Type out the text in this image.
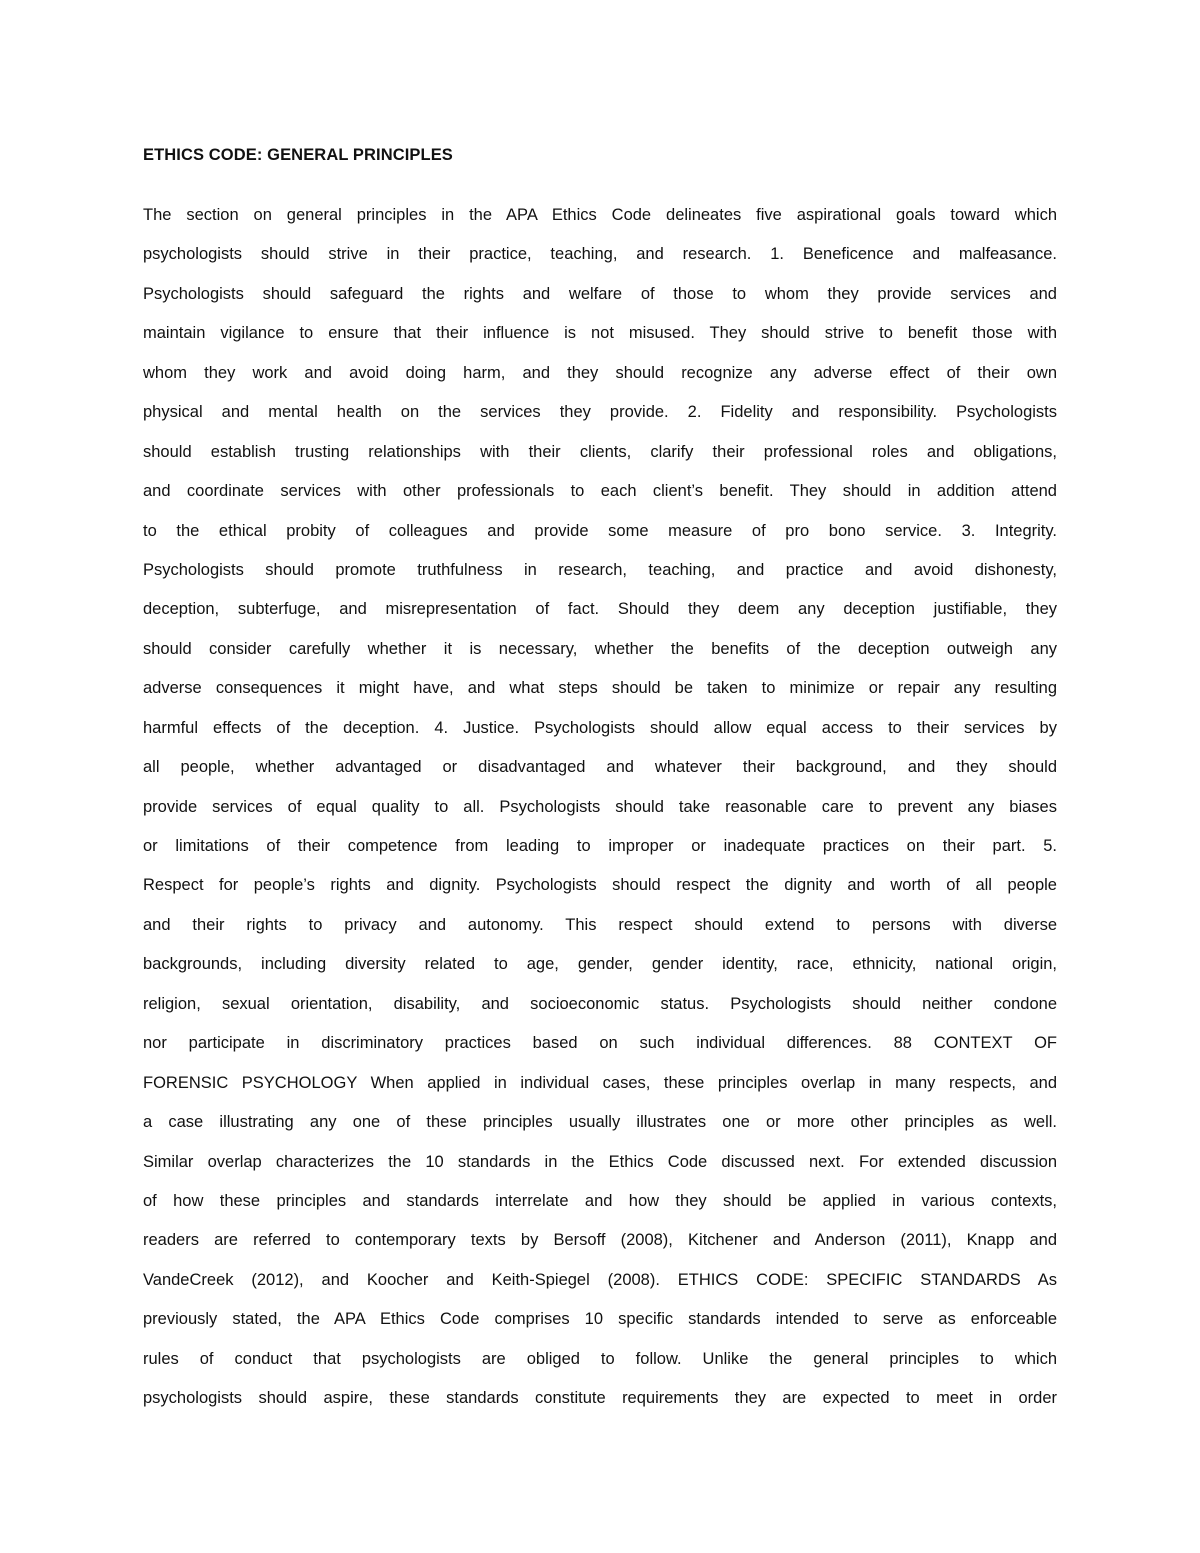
ETHICS CODE: GENERAL PRINCIPLES
The section on general principles in the APA Ethics Code delineates five aspirational goals toward which
psychologists should strive in their practice, teaching, and research. 1. Beneficence and malfeasance.
Psychologists should safeguard the rights and welfare of those to whom they provide services and
maintain vigilance to ensure that their influence is not misused. They should strive to benefit those with
whom they work and avoid doing harm, and they should recognize any adverse effect of their own
physical and mental health on the services they provide. 2. Fidelity and responsibility. Psychologists
should establish trusting relationships with their clients, clarify their professional roles and obligations,
and coordinate services with other professionals to each client’s benefit. They should in addition attend
to the ethical probity of colleagues and provide some measure of pro bono service. 3. Integrity.
Psychologists should promote truthfulness in research, teaching, and practice and avoid dishonesty,
deception, subterfuge, and misrepresentation of fact. Should they deem any deception justifiable, they
should consider carefully whether it is necessary, whether the benefits of the deception outweigh any
adverse consequences it might have, and what steps should be taken to minimize or repair any resulting
harmful effects of the deception. 4. Justice. Psychologists should allow equal access to their services by
all people, whether advantaged or disadvantaged and whatever their background, and they should
provide services of equal quality to all. Psychologists should take reasonable care to prevent any biases
or limitations of their competence from leading to improper or inadequate practices on their part. 5.
Respect for people’s rights and dignity. Psychologists should respect the dignity and worth of all people
and their rights to privacy and autonomy. This respect should extend to persons with diverse
backgrounds, including diversity related to age, gender, gender identity, race, ethnicity, national origin,
religion, sexual orientation, disability, and socioeconomic status. Psychologists should neither condone
nor participate in discriminatory practices based on such individual differences. 88 CONTEXT OF
FORENSIC PSYCHOLOGY When applied in individual cases, these principles overlap in many respects, and
a case illustrating any one of these principles usually illustrates one or more other principles as well.
Similar overlap characterizes the 10 standards in the Ethics Code discussed next. For extended discussion
of how these principles and standards interrelate and how they should be applied in various contexts,
readers are referred to contemporary texts by Bersoff (2008), Kitchener and Anderson (2011), Knapp and
VandeCreek (2012), and Koocher and Keith-Spiegel (2008). ETHICS CODE: SPECIFIC STANDARDS As
previously stated, the APA Ethics Code comprises 10 specific standards intended to serve as enforceable
rules of conduct that psychologists are obliged to follow. Unlike the general principles to which
psychologists should aspire, these standards constitute requirements they are expected to meet in order
